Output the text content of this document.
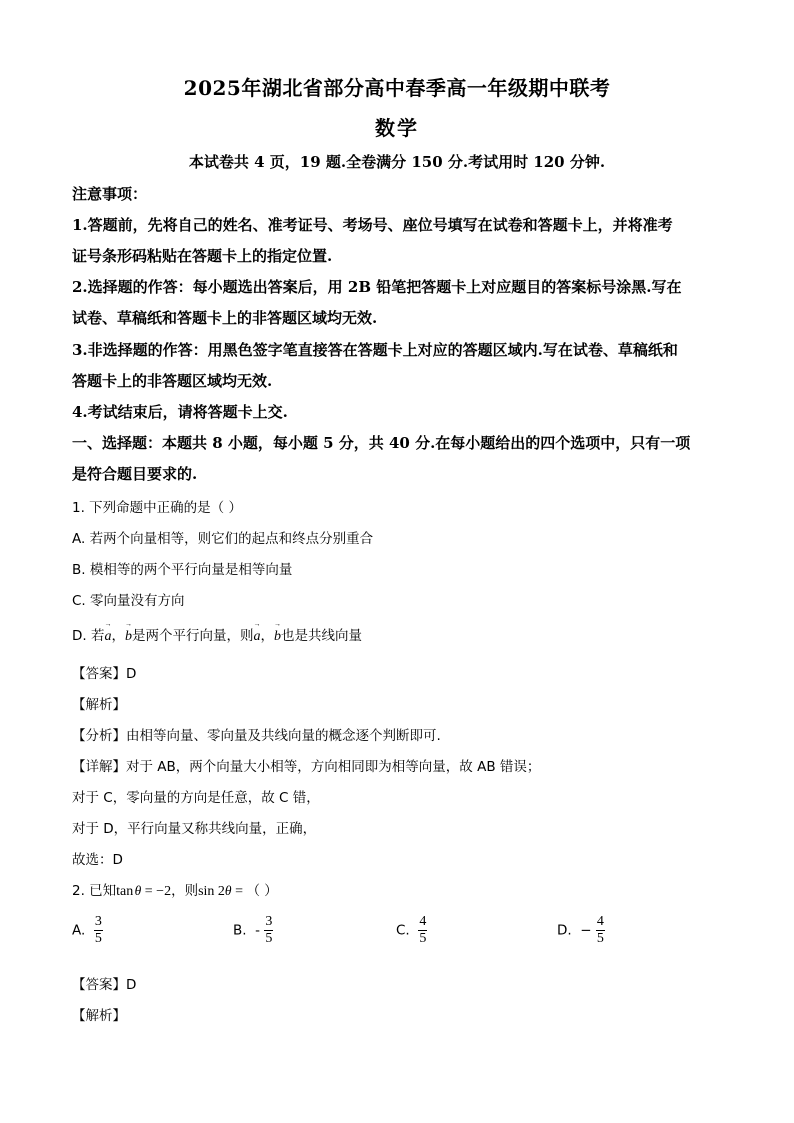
2025年湖北省部分高中春季高一年级期中联考
数学
本试卷共 4 页，19 题.全卷满分 150 分.考试用时 120 分钟.
注意事项：
1.答题前，先将自己的姓名、准考证号、考场号、座位号填写在试卷和答题卡上，并将准考
证号条形码粘贴在答题卡上的指定位置.
2.选择题的作答：每小题选出答案后，用 2B 铅笔把答题卡上对应题目的答案标号涂黑.写在
试卷、草稿纸和答题卡上的非答题区域均无效.
3.非选择题的作答：用黑色签字笔直接答在答题卡上对应的答题区域内.写在试卷、草稿纸和
答题卡上的非答题区域均无效.
4.考试结束后，请将答题卡上交.
一、选择题：本题共 8 小题，每小题 5 分，共 40 分.在每小题给出的四个选项中，只有一项
是符合题目要求的.
1. 下列命题中正确的是（ ）
A. 若两个向量相等，则它们的起点和终点分别重合
B. 模相等的两个平行向量是相等向量
C. 零向量没有方向
D. 若→ a，→ b是两个平行向量，则→ a，→ b也是共线向量
【答案】D
【解析】
【分析】由相等向量、零向量及共线向量的概念逐个判断即可.
【详解】对于 AB，两个向量大小相等，方向相同即为相等向量，故 AB 错误；
对于 C，零向量的方向是任意，故 C 错，
对于 D，平行向量又称共线向量，正确，
故选：D
2. 已知tan θ = −2，则sin 2θ = （ ）
A. $\frac{3}{5}$	B. - $\frac{3}{5}$	C. $\frac{4}{5}$	D. − $\frac{4}{5}$
【答案】D
【解析】
